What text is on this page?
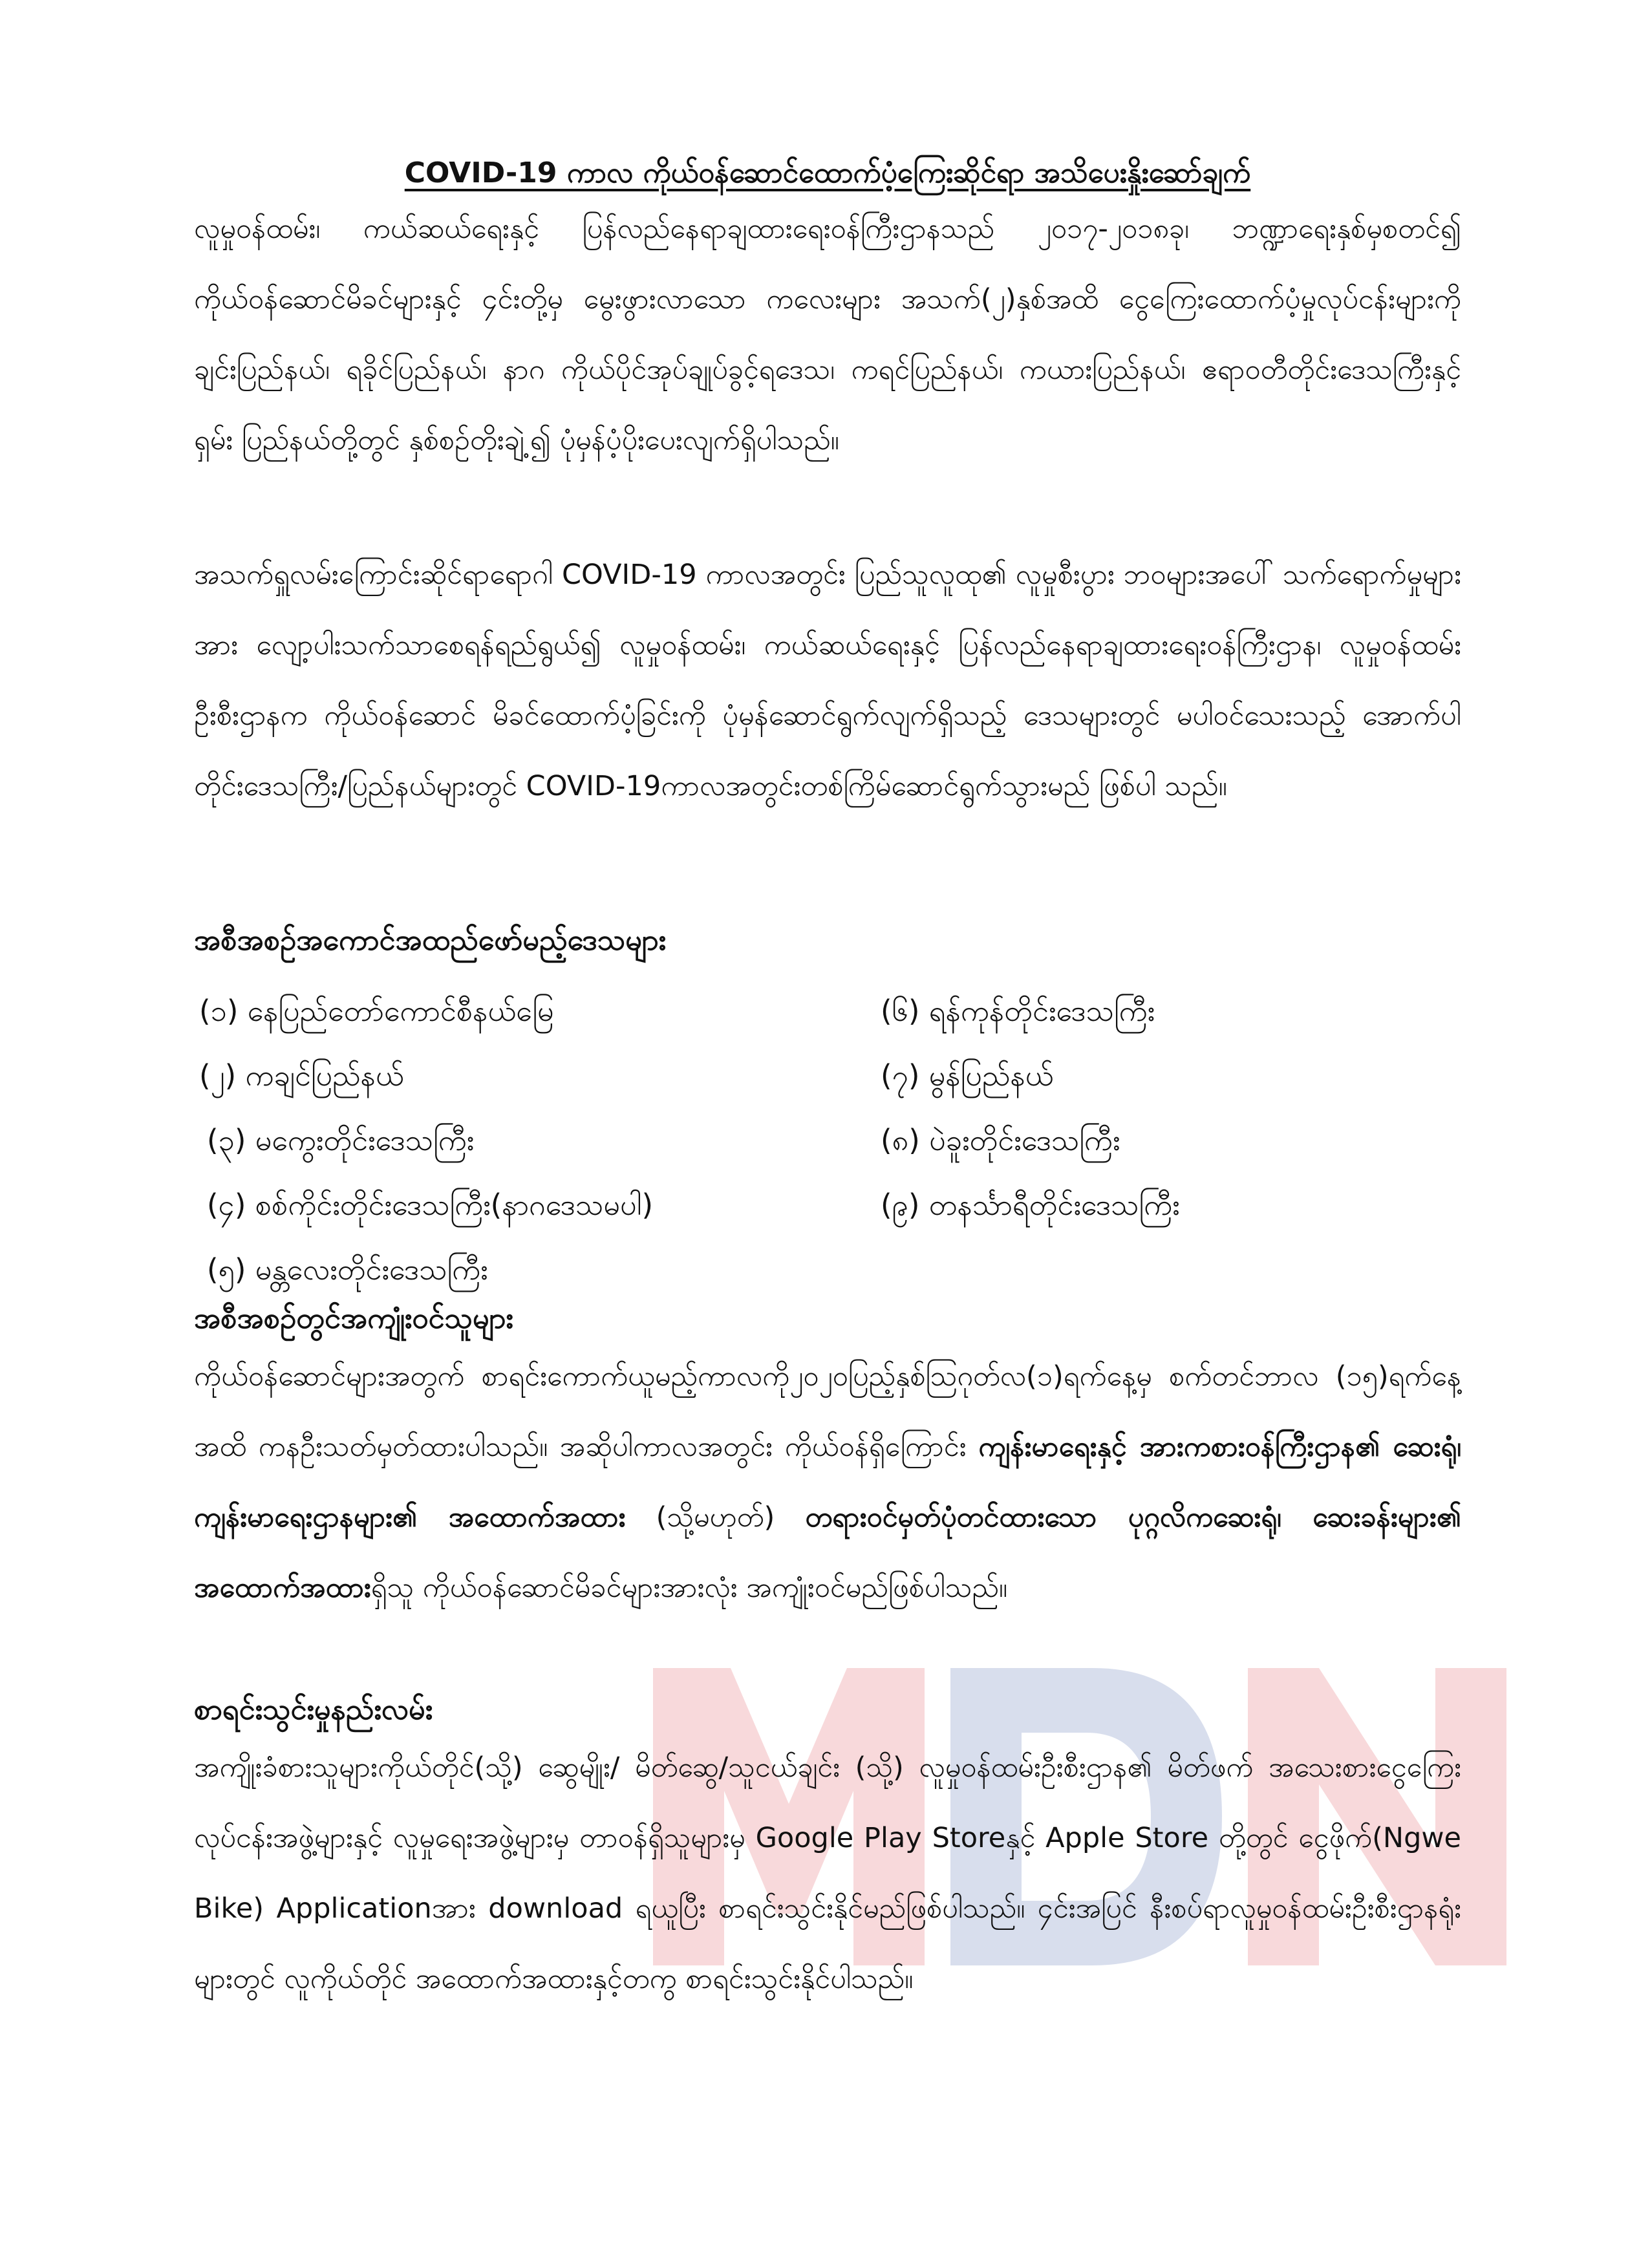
COVID-19 ကာလ ကိုယ်ဝန်ဆောင်ထောက်ပံ့ကြေးဆိုင်ရာ အသိပေးနှိုးဆော်ချက်
လူမှုဝန်ထမ်း၊ ကယ်ဆယ်ရေးနှင့် ပြန်လည်နေရာချထားရေးဝန်ကြီးဌာနသည် ၂၀၁၇-၂၀၁၈ခု၊ ဘဏ္ဍာရေးနှစ်မှစတင်၍ ကိုယ်ဝန်ဆောင်မိခင်များနှင့် ၄င်းတို့မှ မွေးဖွားလာသော ကလေးများ အသက်(၂)နှစ်အထိ ငွေကြေးထောက်ပံ့မှုလုပ်ငန်းများကို ချင်းပြည်နယ်၊ ရခိုင်ပြည်နယ်၊ နာဂ ကိုယ်ပိုင်အုပ်ချုပ်ခွင့်ရဒေသ၊ ကရင်ပြည်နယ်၊ ကယားပြည်နယ်၊ ဧရာဝတီတိုင်းဒေသကြီးနှင့် ရှမ်း ပြည်နယ်တို့တွင် နှစ်စဉ်တိုးချဲ့၍ ပုံမှန်ပံ့ပိုးပေးလျက်ရှိပါသည်။
အသက်ရှူလမ်းကြောင်းဆိုင်ရာရောဂါ COVID-19 ကာလအတွင်း ပြည်သူလူထု၏ လူမှုစီးပွား ဘဝများအပေါ် သက်ရောက်မှုများအား လျော့ပါးသက်သာစေရန်ရည်ရွယ်၍ လူမှုဝန်ထမ်း၊ ကယ်ဆယ်ရေးနှင့် ပြန်လည်နေရာချထားရေးဝန်ကြီးဌာန၊ လူမှုဝန်ထမ်းဦးစီးဌာနက ကိုယ်ဝန်ဆောင် မိခင်ထောက်ပံ့ခြင်းကို ပုံမှန်ဆောင်ရွက်လျက်ရှိသည့် ဒေသများတွင် မပါဝင်သေးသည့် အောက်ပါ တိုင်းဒေသကြီး/ပြည်နယ်များတွင် COVID-19ကာလအတွင်းတစ်ကြိမ်ဆောင်ရွက်သွားမည် ဖြစ်ပါ သည်။
အစီအစဉ်အကောင်အထည်ဖော်မည့်ဒေသများ
(၁) နေပြည်တော်ကောင်စီနယ်မြေ
(၂) ကချင်ပြည်နယ်
(၃) မကွေးတိုင်းဒေသကြီး
(၄) စစ်ကိုင်းတိုင်းဒေသကြီး(နာဂဒေသမပါ)
(၅) မန္တလေးတိုင်းဒေသကြီး
(၆) ရန်ကုန်တိုင်းဒေသကြီး
(၇) မွန်ပြည်နယ်
(၈) ပဲခူးတိုင်းဒေသကြီး
(၉) တနင်္သာရီတိုင်းဒေသကြီး
အစီအစဉ်တွင်အကျုံးဝင်သူများ
ကိုယ်ဝန်ဆောင်များအတွက် စာရင်းကောက်ယူမည့်ကာလကို၂၀၂၀ပြည့်နှစ်ဩဂုတ်လ(၁)ရက်နေ့မှ စက်တင်ဘာလ (၁၅)ရက်နေ့အထိ ကနဦးသတ်မှတ်ထားပါသည်။ အဆိုပါကာလအတွင်း ကိုယ်ဝန်ရှိကြောင်း ကျန်းမာရေးနှင့် အားကစားဝန်ကြီးဌာန၏ ဆေးရုံ၊ ကျန်းမာရေးဌာနများ၏ အထောက်အထား (သို့မဟုတ်) တရားဝင်မှတ်ပုံတင်ထားသော ပုဂ္ဂလိကဆေးရုံ၊ ဆေးခန်းများ၏ အထောက်အထားရှိသူ ကိုယ်ဝန်ဆောင်မိခင်များအားလုံး အကျုံးဝင်မည်ဖြစ်ပါသည်။
စာရင်းသွင်းမှုနည်းလမ်း
အကျိုးခံစားသူများကိုယ်တိုင်(သို့) ဆွေမျိုး/ မိတ်ဆွေ/သူငယ်ချင်း (သို့) လူမှုဝန်ထမ်းဦးစီးဌာန၏ မိတ်ဖက် အသေးစားငွေကြေးလုပ်ငန်းအဖွဲ့များနှင့် လူမှုရေးအဖွဲ့များမှ တာဝန်ရှိသူများမှ Google Play Storeနှင့် Apple Store တို့တွင် ငွေဖိုက်(Ngwe Bike) Applicationအား download ရယူပြီး စာရင်းသွင်းနိုင်မည်ဖြစ်ပါသည်။ ၄င်းအပြင် နီးစပ်ရာလူမှုဝန်ထမ်းဦးစီးဌာနရုံးများတွင် လူကိုယ်တိုင် အထောက်အထားနှင့်တကွ စာရင်းသွင်းနိုင်ပါသည်။
